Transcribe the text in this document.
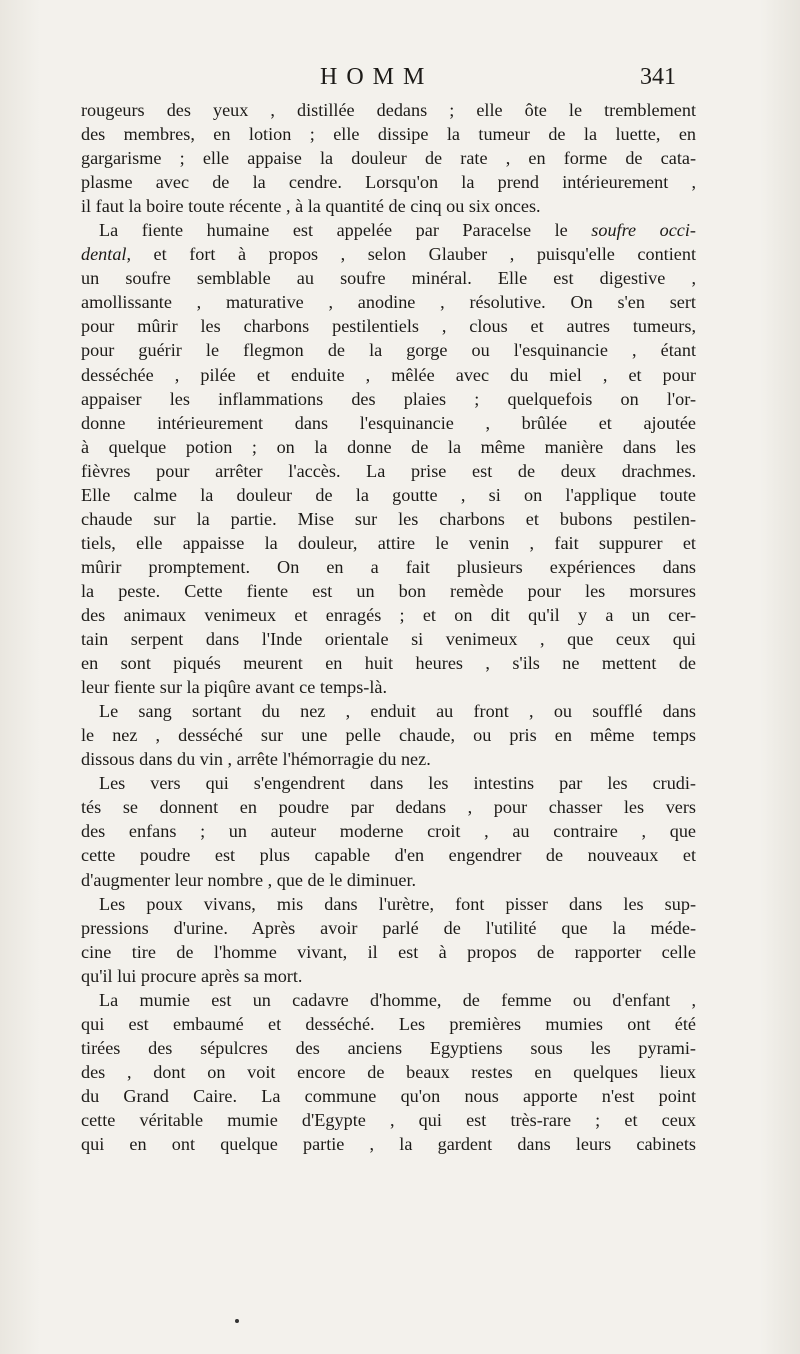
HOMM	341
rougeurs des yeux , distillée dedans ; elle ôte le tremblement
des membres, en lotion ; elle dissipe la tumeur de la luette, en
gargarisme ; elle appaise la douleur de rate , en forme de cata-
plasme avec de la cendre. Lorsqu'on la prend intérieurement ,
il faut la boire toute récente , à la quantité de cinq ou six onces.
La fiente humaine est appelée par Paracelse le soufre occi-
dental, et fort à propos , selon Glauber , puisqu'elle contient
un soufre semblable au soufre minéral. Elle est digestive ,
amollissante , maturative , anodine , résolutive. On s'en sert
pour mûrir les charbons pestilentiels , clous et autres tumeurs,
pour guérir le flegmon de la gorge ou l'esquinancie , étant
desséchée , pilée et enduite , mêlée avec du miel , et pour
appaiser les inflammations des plaies ; quelquefois on l'or-
donne intérieurement dans l'esquinancie , brûlée et ajoutée
à quelque potion ; on la donne de la même manière dans les
fièvres pour arrêter l'accès. La prise est de deux drachmes.
Elle calme la douleur de la goutte , si on l'applique toute
chaude sur la partie. Mise sur les charbons et bubons pestilen-
tiels, elle appaisse la douleur, attire le venin , fait suppurer et
mûrir promptement. On en a fait plusieurs expériences dans
la peste. Cette fiente est un bon remède pour les morsures
des animaux venimeux et enragés ; et on dit qu'il y a un cer-
tain serpent dans l'Inde orientale si venimeux , que ceux qui
en sont piqués meurent en huit heures , s'ils ne mettent de
leur fiente sur la piqûre avant ce temps-là.
Le sang sortant du nez , enduit au front , ou soufflé dans
le nez , desséché sur une pelle chaude, ou pris en même temps
dissous dans du vin , arrête l'hémorragie du nez.
Les vers qui s'engendrent dans les intestins par les crudi-
tés se donnent en poudre par dedans , pour chasser les vers
des enfans ; un auteur moderne croit , au contraire , que
cette poudre est plus capable d'en engendrer de nouveaux et
d'augmenter leur nombre , que de le diminuer.
Les poux vivans, mis dans l'urètre, font pisser dans les sup-
pressions d'urine. Après avoir parlé de l'utilité que la méde-
cine tire de l'homme vivant, il est à propos de rapporter celle
qu'il lui procure après sa mort.
La mumie est un cadavre d'homme, de femme ou d'enfant ,
qui est embaumé et desséché. Les premières mumies ont été
tirées des sépulcres des anciens Egyptiens sous les pyrami-
des , dont on voit encore de beaux restes en quelques lieux
du Grand Caire. La commune qu'on nous apporte n'est point
cette véritable mumie d'Egypte , qui est très-rare ; et ceux
qui en ont quelque partie , la gardent dans leurs cabinets
